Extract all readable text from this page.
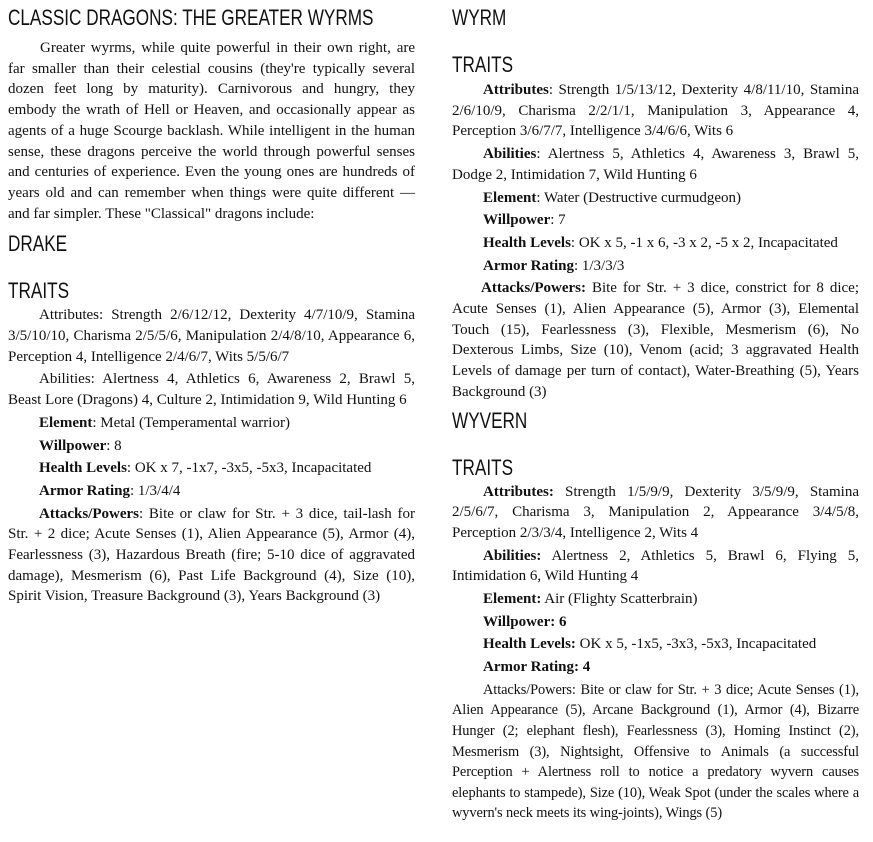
CLASSIC DRAGONS: THE GREATER WYRMS

Greater wyrms, while quite powerful in their own right, are far smaller than their celestial cousins (they're typically several dozen feet long by maturity). Carnivorous and hungry, they embody the wrath of Hell or Heaven, and occasionally appear as agents of a huge Scourge backlash. While intelligent in the human sense, these dragons perceive the world through powerful senses and centuries of experience. Even the young ones are hundreds of years old and can remember when things were quite different — and far simpler. These "Classical" dragons include:

DRAKE
TRAITS

Attributes: Strength 2/6/12/12, Dexterity 4/7/10/9, Stamina 3/5/10/10, Charisma 2/5/5/6, Manipulation 2/4/8/10, Appearance 6, Perception 4, Intelligence 2/4/6/7, Wits 5/5/6/7

Abilities: Alertness 4, Athletics 6, Awareness 2, Brawl 5, Beast Lore (Dragons) 4, Culture 2, Intimidation 9, Wild Hunting 6

Element: Metal (Temperamental warrior)

Willpower: 8

Health Levels: OK x 7, -1x7, -3x5, -5x3, Incapacitated

Armor Rating: 1/3/4/4

Attacks/Powers: Bite or claw for Str. + 3 dice, tail-lash for Str. + 2 dice; Acute Senses (1), Alien Appearance (5), Armor (4), Fearlessness (3), Hazardous Breath (fire; 5-10 dice of aggravated damage), Mesmerism (6), Past Life Background (4), Size (10), Spirit Vision, Treasure Background (3), Years Background (3)

WYRM
TRAITS

Attributes: Strength 1/5/13/12, Dexterity 4/8/11/10, Stamina 2/6/10/9, Charisma 2/2/1/1, Manipulation 3, Appearance 4, Perception 3/6/7/7, Intelligence 3/4/6/6, Wits 6

Abilities: Alertness 5, Athletics 4, Awareness 3, Brawl 5, Dodge 2, Intimidation 7, Wild Hunting 6

Element: Water (Destructive curmudgeon)

Willpower: 7

Health Levels: OK x 5, -1 x 6, -3 x 2, -5 x 2, Incapacitated

Armor Rating: 1/3/3/3

Attacks/Powers: Bite for Str. + 3 dice, constrict for 8 dice; Acute Senses (1), Alien Appearance (5), Armor (3), Elemental Touch (15), Fearlessness (3), Flexible, Mesmerism (6), No Dexterous Limbs, Size (10), Venom (acid; 3 aggravated Health Levels of damage per turn of contact), Water-Breathing (5), Years Background (3)

WYVERN
TRAITS

Attributes: Strength 1/5/9/9, Dexterity 3/5/9/9, Stamina 2/5/6/7, Charisma 3, Manipulation 2, Appearance 3/4/5/8, Perception 2/3/3/4, Intelligence 2, Wits 4

Abilities: Alertness 2, Athletics 5, Brawl 6, Flying 5, Intimidation 6, Wild Hunting 4

Element: Air (Flighty Scatterbrain)

Willpower: 6

Health Levels: OK x 5, -1x5, -3x3, -5x3, Incapacitated

Armor Rating: 4

Attacks/Powers: Bite or claw for Str. + 3 dice; Acute Senses (1), Alien Appearance (5), Arcane Background (1), Armor (4), Bizarre Hunger (2; elephant flesh), Fearlessness (3), Homing Instinct (2), Mesmerism (3), Nightsight, Offensive to Animals (a successful Perception + Alertness roll to notice a predatory wyvern causes elephants to stampede), Size (10), Weak Spot (under the scales where a wyvern's neck meets its wing-joints), Wings (5)
